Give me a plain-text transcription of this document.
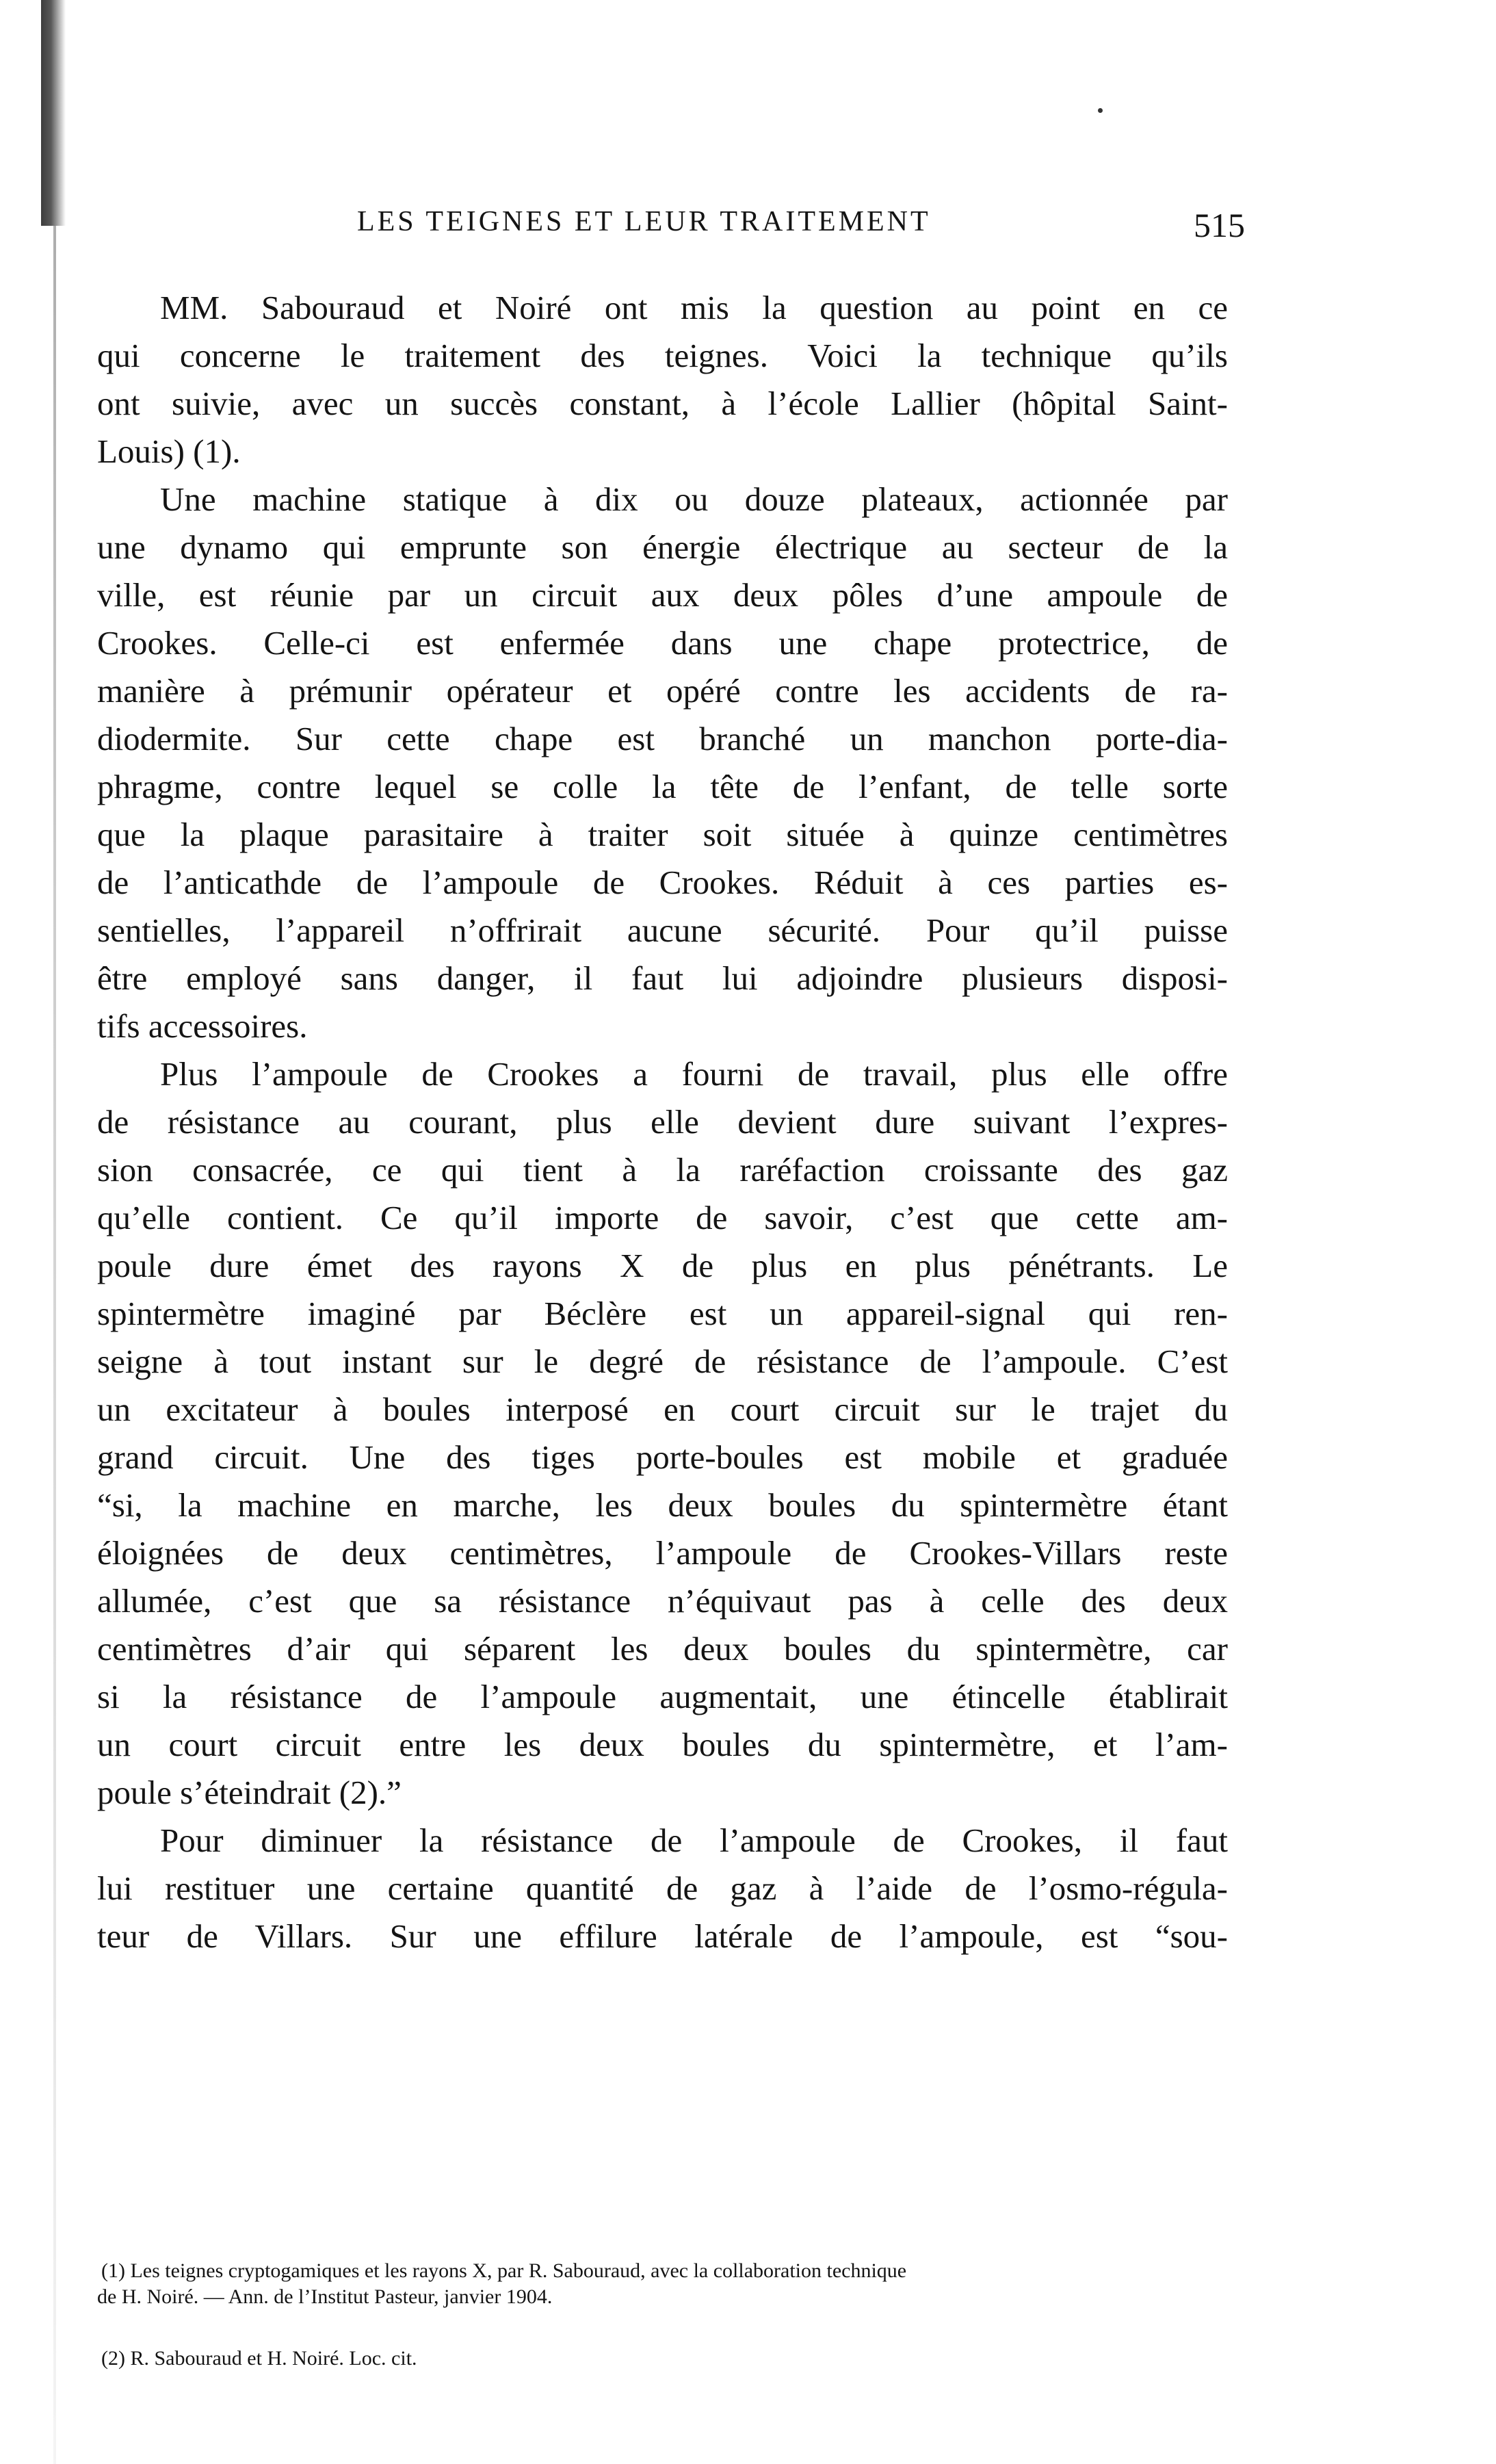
LES TEIGNES ET LEUR TRAITEMENT	515
MM. Sabouraud et Noiré ont mis la question au point en ce
qui concerne le traitement des teignes. Voici la technique qu’ils
ont suivie, avec un succès constant, à l’école Lallier (hôpital Saint-
Louis) (1).
Une machine statique à dix ou douze plateaux, actionnée par
une dynamo qui emprunte son énergie électrique au secteur de la
ville, est réunie par un circuit aux deux pôles d’une ampoule de
Crookes. Celle-ci est enfermée dans une chape protectrice, de
manière à prémunir opérateur et opéré contre les accidents de ra-
diodermite. Sur cette chape est branché un manchon porte-dia-
phragme, contre lequel se colle la tête de l’enfant, de telle sorte
que la plaque parasitaire à traiter soit située à quinze centimètres
de l’anticathde de l’ampoule de Crookes. Réduit à ces parties es-
sentielles, l’appareil n’offrirait aucune sécurité. Pour qu’il puisse
être employé sans danger, il faut lui adjoindre plusieurs disposi-
tifs accessoires.
Plus l’ampoule de Crookes a fourni de travail, plus elle offre
de résistance au courant, plus elle devient dure suivant l’expres-
sion consacrée, ce qui tient à la raréfaction croissante des gaz
qu’elle contient. Ce qu’il importe de savoir, c’est que cette am-
poule dure émet des rayons X de plus en plus pénétrants. Le
spintermètre imaginé par Béclère est un appareil-signal qui ren-
seigne à tout instant sur le degré de résistance de l’ampoule. C’est
un excitateur à boules interposé en court circuit sur le trajet du
grand circuit. Une des tiges porte-boules est mobile et graduée
“si, la machine en marche, les deux boules du spintermètre étant
éloignées de deux centimètres, l’ampoule de Crookes-Villars reste
allumée, c’est que sa résistance n’équivaut pas à celle des deux
centimètres d’air qui séparent les deux boules du spintermètre, car
si la résistance de l’ampoule augmentait, une étincelle établirait
un court circuit entre les deux boules du spintermètre, et l’am-
poule s’éteindrait (2).”
Pour diminuer la résistance de l’ampoule de Crookes, il faut
lui restituer une certaine quantité de gaz à l’aide de l’osmo-régula-
teur de Villars. Sur une effilure latérale de l’ampoule, est “sou-
(1) Les teignes cryptogamiques et les rayons X, par R. Sabouraud, avec la collaboration technique
de H. Noiré. — Ann. de l’Institut Pasteur, janvier 1904.
(2) R. Sabouraud et H. Noiré. Loc. cit.
